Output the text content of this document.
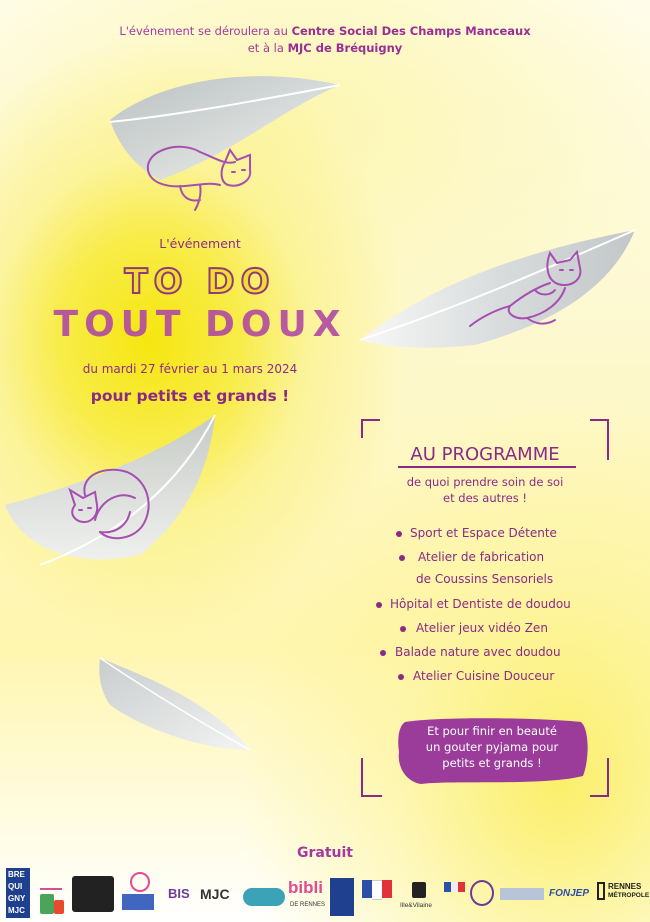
L'événement se déroulera au Centre Social Des Champs Manceaux
et à la MJC de Bréquigny
L'événement
TO DO
TOUT DOUX
du mardi 27 février au 1 mars 2024
pour petits et grands !
AU PROGRAMME
de quoi prendre soin de soi
et des autres !
Sport et Espace Détente
Atelier de fabrication
de Coussins Sensoriels
Hôpital et Dentiste de doudou
Atelier jeux vidéo Zen
Balade nature avec doudou
Atelier Cuisine Douceur
Et pour finir en beauté
un gouter pyjama pour
petits et grands !
Gratuit
BRE
QUI
GNY
MJC
BIS MJC	bibli
DE RENNES	Ille&Vilaine
FONJEP
RENNES
MÉTROPOLE
